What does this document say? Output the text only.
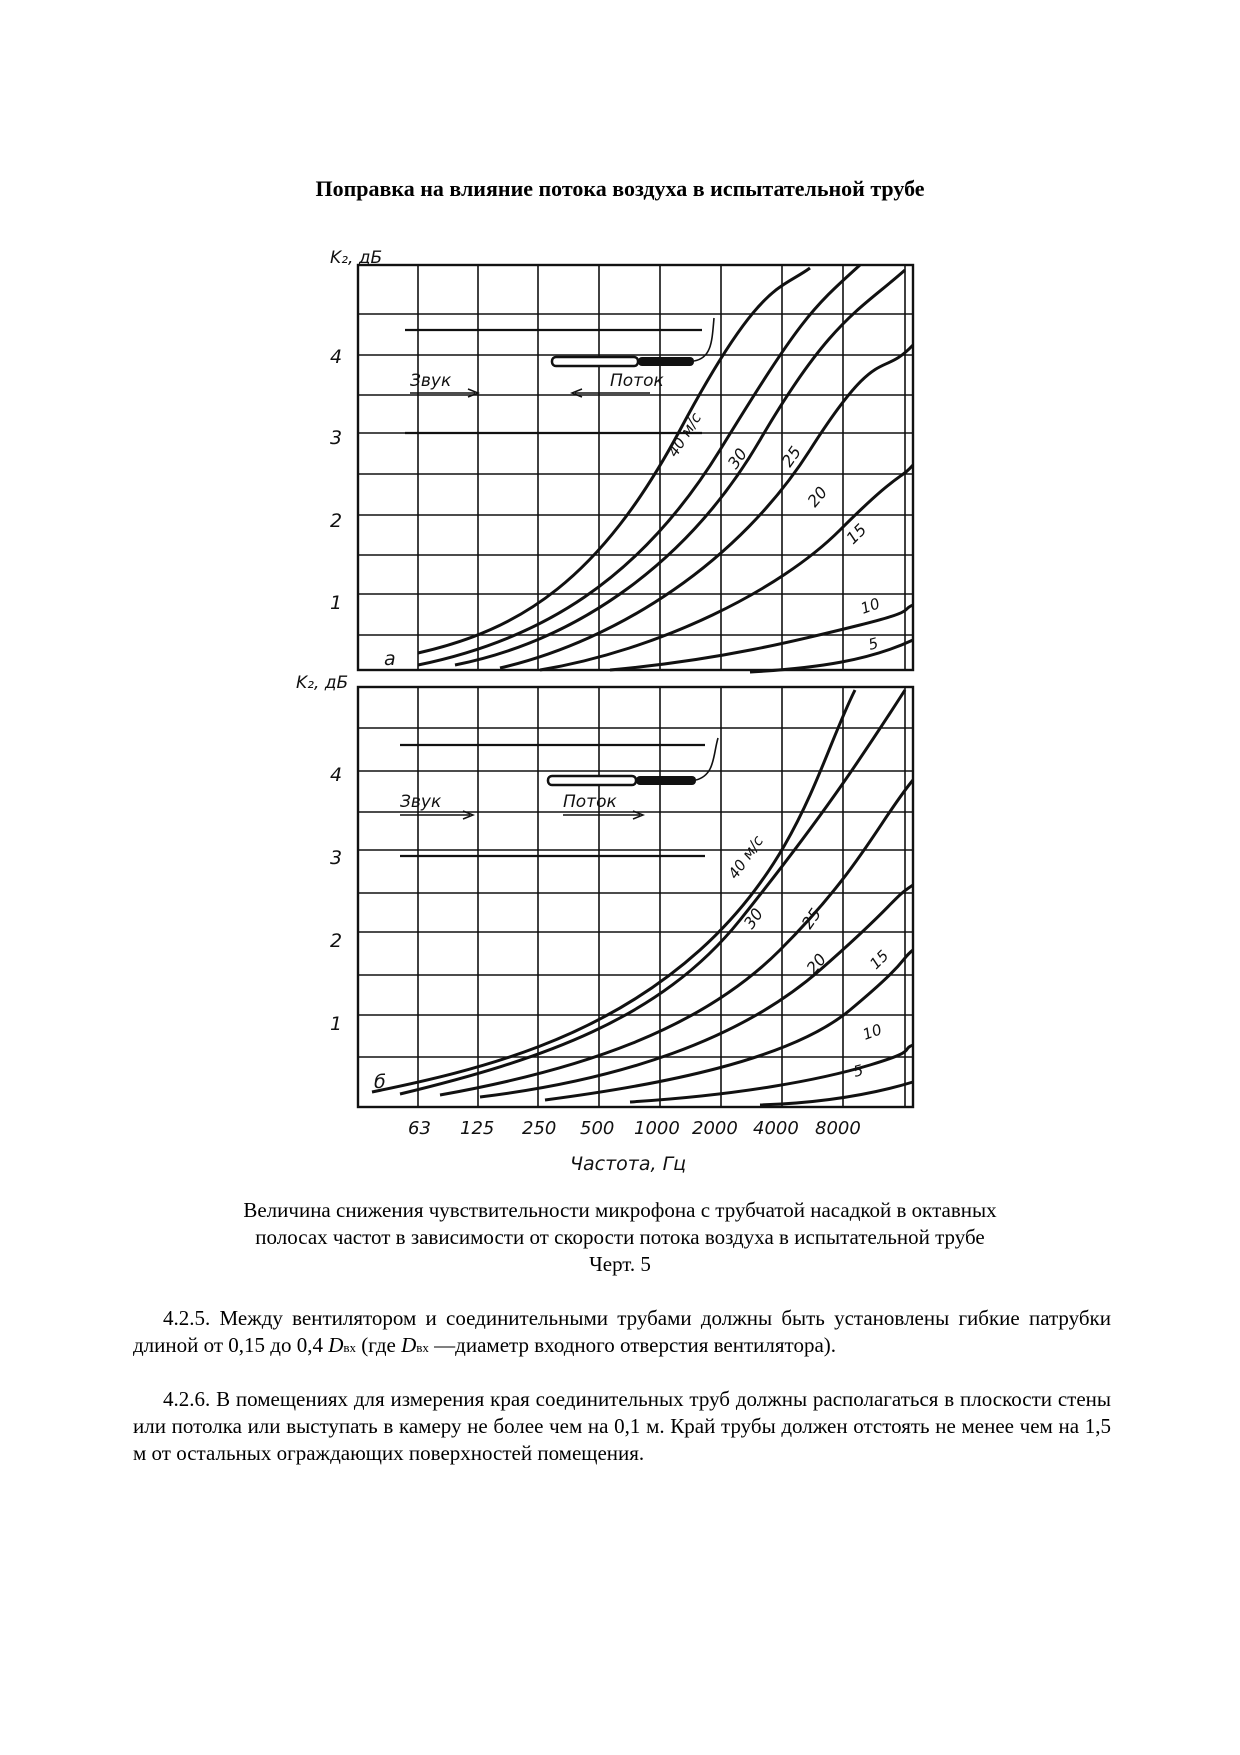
Поправка на влияние потока воздуха в испытательной трубе
K₂, дБ
1
2
3
4
Звук	Поток
40 м/с 30 25
20
15
10
5
а
K₂, дБ
1
2
3
4
Звук	Поток
40 м/с
30 25
20 15
10
5
б
63 125 250 500 1000 2000 4000 8000
Частота, Гц
Величина снижения чувствительности микрофона с трубчатой насадкой в октавных
полосах частот в зависимости от скорости потока воздуха в испытательной трубе
Черт. 5
4.2.5. Между вентилятором и соединительными трубами должны быть установлены гибкие патрубки длиной от 0,15 до 0,4 Dвх (где Dвх —диаметр входного отверстия вентилятора).
4.2.6. В помещениях для измерения края соединительных труб должны располагаться в плоскости стены или потолка или выступать в камеру не более чем на 0,1 м. Край трубы должен отстоять не менее чем на 1,5 м от остальных ограждающих поверхностей помещения.
